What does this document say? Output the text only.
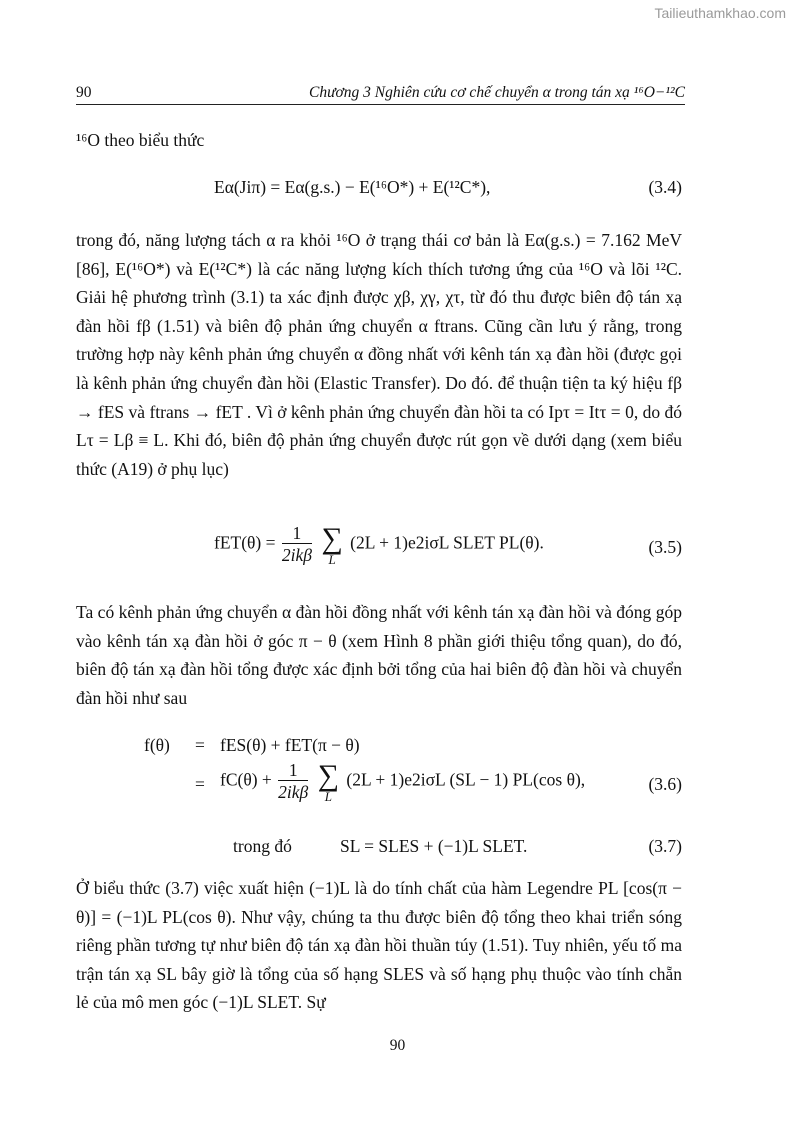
Tailieuthamkhao.com
90	Chương 3 Nghiên cứu cơ chế chuyển α trong tán xạ ¹⁶O−¹²C
¹⁶O theo biểu thức
Eα(Jiπ) = Eα(g.s.) − E(¹⁶O*) + E(¹²C*),	(3.4)
trong đó, năng lượng tách α ra khỏi ¹⁶O ở trạng thái cơ bản là Eα(g.s.) = 7.162 MeV [86], E(¹⁶O*) và E(¹²C*) là các năng lượng kích thích tương ứng của ¹⁶O và lõi ¹²C. Giải hệ phương trình (3.1) ta xác định được χβ, χγ, χτ, từ đó thu được biên độ tán xạ đàn hồi fβ (1.51) và biên độ phản ứng chuyển α ftrans. Cũng cần lưu ý rằng, trong trường hợp này kênh phản ứng chuyển α đồng nhất với kênh tán xạ đàn hồi (được gọi là kênh phản ứng chuyển đàn hồi (Elastic Transfer). Do đó. để thuận tiện ta ký hiệu fβ → fES và ftrans → fET . Vì ở kênh phản ứng chuyển đàn hồi ta có Ipτ = Itτ = 0, do đó Lτ = Lβ ≡ L. Khi đó, biên độ phản ứng chuyển được rút gọn về dưới dạng (xem biểu thức (A19) ở phụ lục)
$fET(\theta) = \frac{1}{\text{2ikβ}}$
∑
L
(2L + 1)e2iσL SLET PL(θ).	(3.5)
Ta có kênh phản ứng chuyển α đàn hồi đồng nhất với kênh tán xạ đàn hồi và đóng góp vào kênh tán xạ đàn hồi ở góc π − θ (xem Hình 8 phần giới thiệu tổng quan), do đó, biên độ tán xạ đàn hồi tổng được xác định bởi tổng của hai biên độ đàn hồi và chuyển đàn hồi như sau
f(θ) = fES(θ) + fET(π − θ)
= $fC(\theta) + \frac{1}{\text{2ikβ}}$
∑
L
(2L + 1)e2iσL (SL − 1) PL(cos θ),	(3.6)
trong đó	SL = SLES + (−1)L SLET.	(3.7)
Ở biểu thức (3.7) việc xuất hiện (−1)L là do tính chất của hàm Legendre PL [cos(π − θ)] = (−1)L PL(cos θ). Như vậy, chúng ta thu được biên độ tổng theo khai triển sóng riêng phần tương tự như biên độ tán xạ đàn hồi thuần túy (1.51). Tuy nhiên, yếu tố ma trận tán xạ SL bây giờ là tổng của số hạng SLES và số hạng phụ thuộc vào tính chẵn lẻ của mô men góc (−1)L SLET. Sự
90
